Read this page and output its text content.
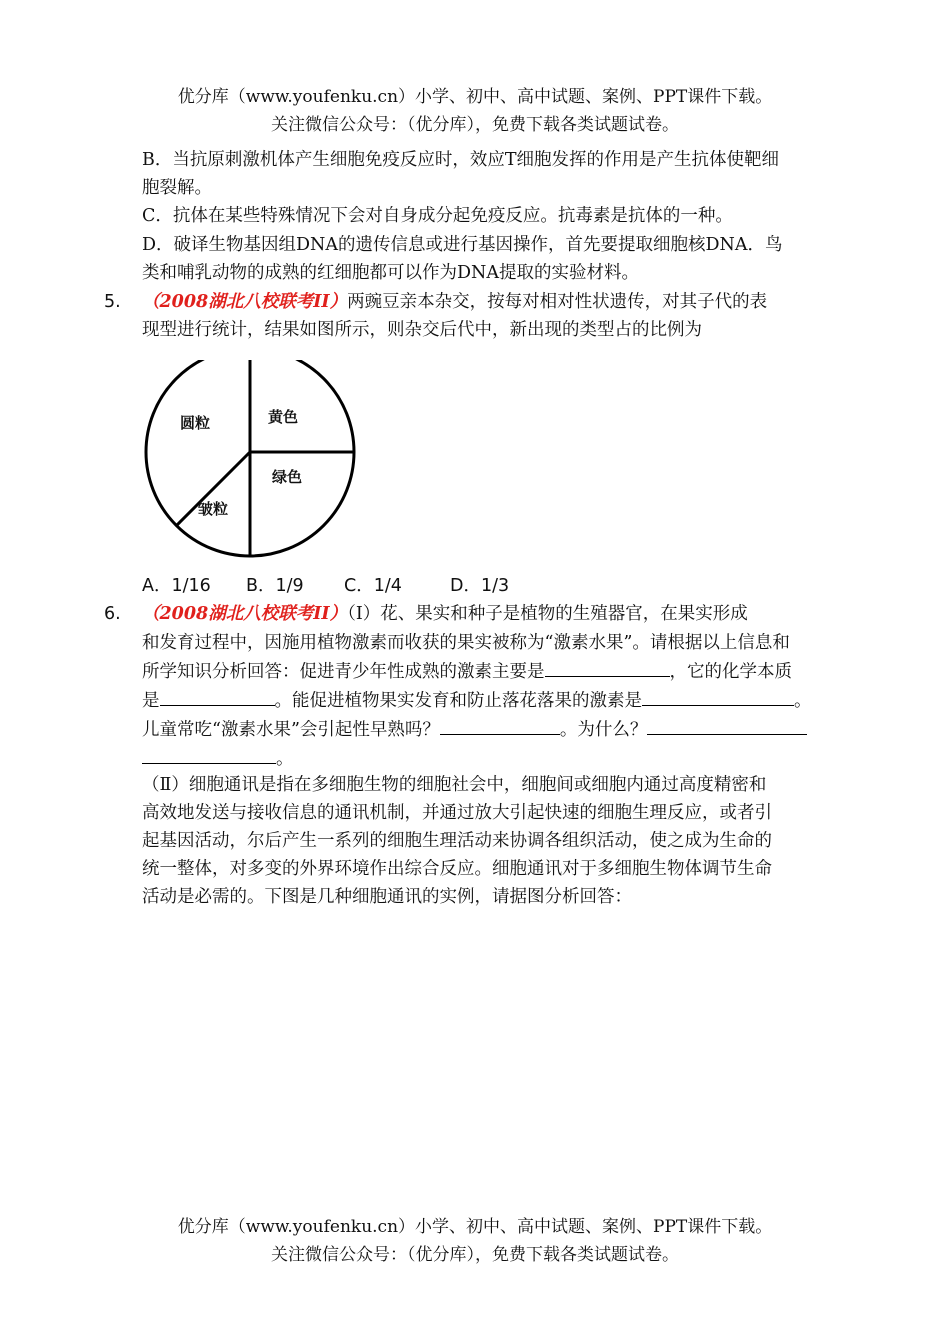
优分库（www.youfenku.cn）小学、初中、高中试题、案例、PPT课件下载。
关注微信公众号：（优分库），免费下载各类试题试卷。
B．当抗原刺激机体产生细胞免疫反应时，效应T细胞发挥的作用是产生抗体使靶细
胞裂解。
C．抗体在某些特殊情况下会对自身成分起免疫反应。抗毒素是抗体的一种。
D．破译生物基因组DNA的遗传信息或进行基因操作，首先要提取细胞核DNA．鸟
类和哺乳动物的成熟的红细胞都可以作为DNA提取的实验材料。
5. （2008湖北八校联考II）两豌豆亲本杂交，按每对相对性状遗传，对其子代的表
现型进行统计，结果如图所示，则杂交后代中，新出现的类型占的比例为
圆粒	黄色
绿色
皱粒
A．1/16 B．1/9 C．1/4	D．1/3
6. （2008湖北八校联考II）（Ⅰ）花、果实和种子是植物的生殖器官，在果实形成
和发育过程中，因施用植物激素而收获的果实被称为“激素水果”。请根据以上信息和
所学知识分析回答：促进青少年性成熟的激素主要是	，它的化学本质
是	。能促进植物果实发育和防止落花落果的激素是	。
儿童常吃“激素水果”会引起性早熟吗？	。为什么？
。
（Ⅱ）细胞通讯是指在多细胞生物的细胞社会中，细胞间或细胞内通过高度精密和
高效地发送与接收信息的通讯机制，并通过放大引起快速的细胞生理反应，或者引
起基因活动，尔后产生一系列的细胞生理活动来协调各组织活动，使之成为生命的
统一整体，对多变的外界环境作出综合反应。细胞通讯对于多细胞生物体调节生命
活动是必需的。下图是几种细胞通讯的实例，请据图分析回答：
优分库（www.youfenku.cn）小学、初中、高中试题、案例、PPT课件下载。
关注微信公众号：（优分库），免费下载各类试题试卷。
